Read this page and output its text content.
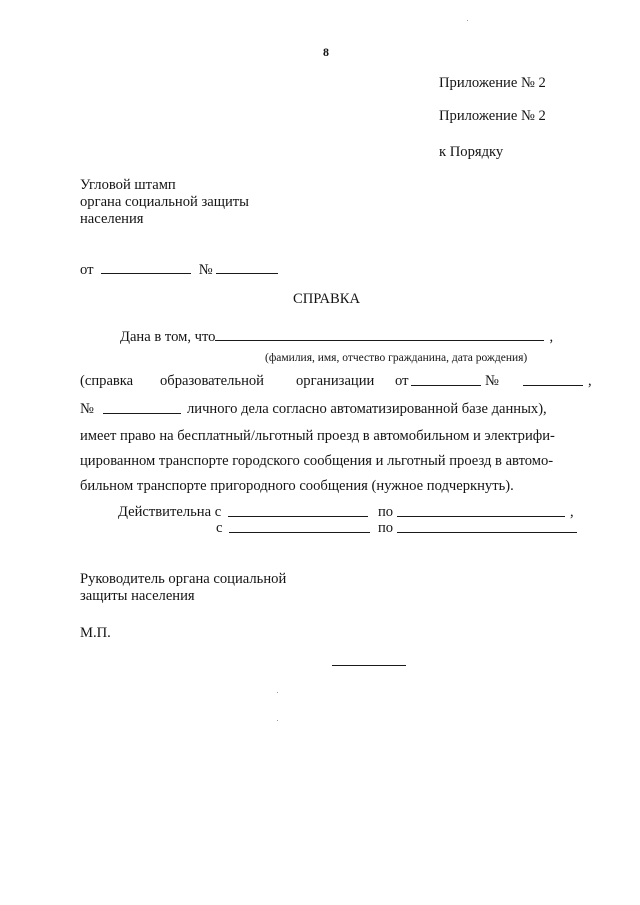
8
Приложение № 2
Приложение № 2
к Порядку
Угловой штамп
органа социальной защиты
населения
от	№
СПРАВКА
Дана в том, что	,
(фамилия, имя, отчество гражданина, дата рождения)
(справка образовательной организации от	№	,
№	личного дела согласно автоматизированной базе данных),
имеет право на бесплатный/льготный проезд в автомобильном и электрифи-
цированном транспорте городского сообщения и льготный проезд в автомо-
бильном транспорте пригородного сообщения (нужное подчеркнуть).
Действительна с	по	,
с	по
Руководитель органа социальной
защиты населения
М.П.
